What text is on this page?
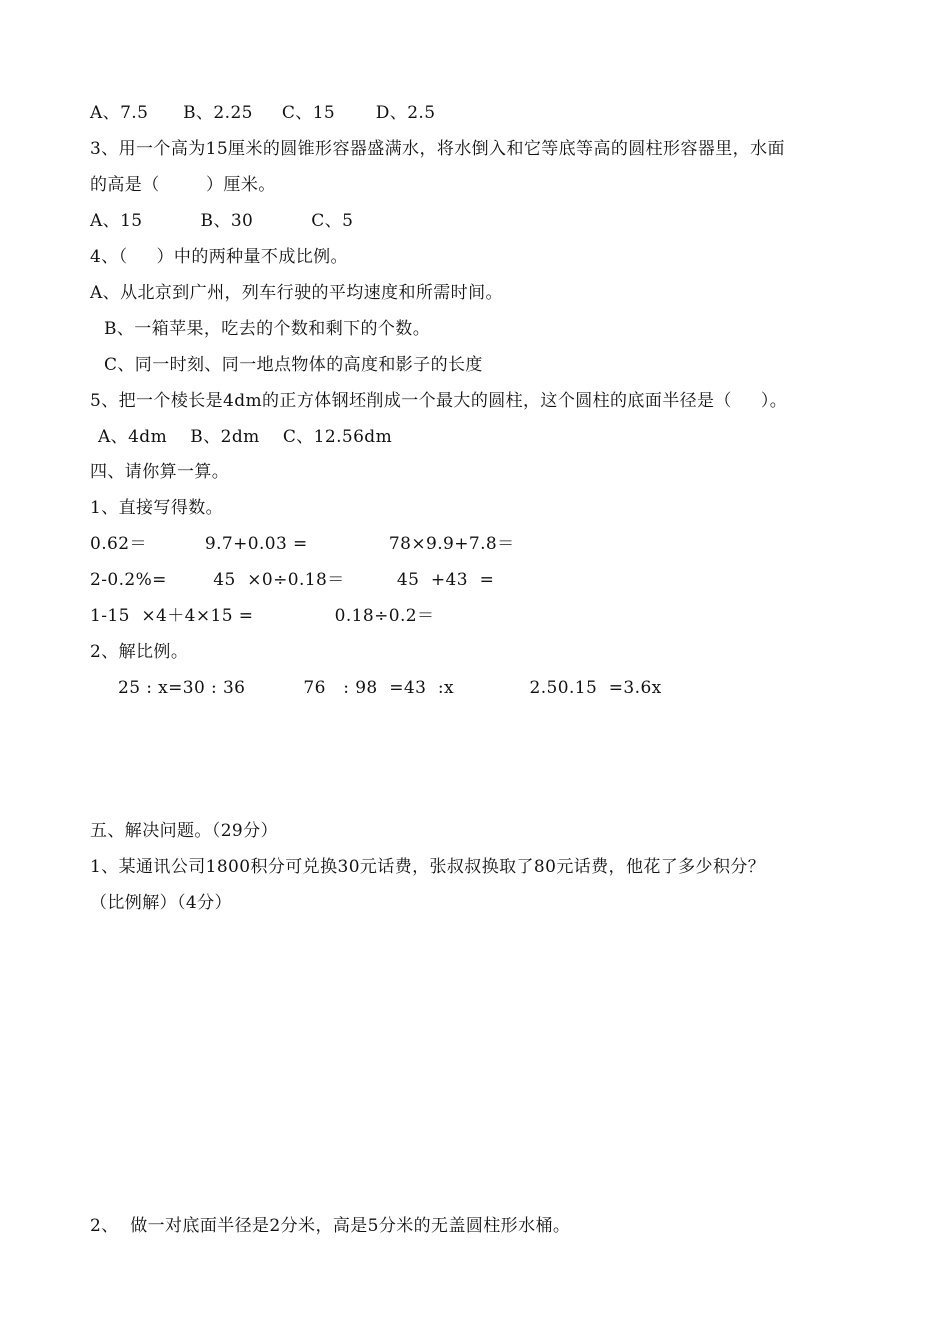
A、7.5      B、2.25     C、15       D、2.5
3、用一个高为15厘米的圆锥形容器盛满水，将水倒入和它等底等高的圆柱形容器里，水面
的高是（        ）厘米。
A、15          B、30          C、5
4、（     ）中的两种量不成比例。
A、从北京到广州，列车行驶的平均速度和所需时间。
B、一箱苹果，吃去的个数和剩下的个数。
C、同一时刻、同一地点物体的高度和影子的长度
5、把一个棱长是4dm的正方体钢坯削成一个最大的圆柱，这个圆柱的底面半径是（     ）。
A、4dm    B、2dm    C、12.56dm
四、请你算一算。
1、直接写得数。
0.62＝          9.7+0.03 =              78×9.9+7.8＝
2-0.2%=        45  ×0÷0.18＝         45  +43  =
1-15  ×4＋4×15 =              0.18÷0.2＝
2、解比例。
25 : x=30 : 36          76   : 98  =43  :x             2.50.15  =3.6x
五、解决问题。（29分）
1、某通讯公司1800积分可兑换30元话费，张叔叔换取了80元话费，他花了多少积分？
（比例解）（4分）
2、  做一对底面半径是2分米，高是5分米的无盖圆柱形水桶。
